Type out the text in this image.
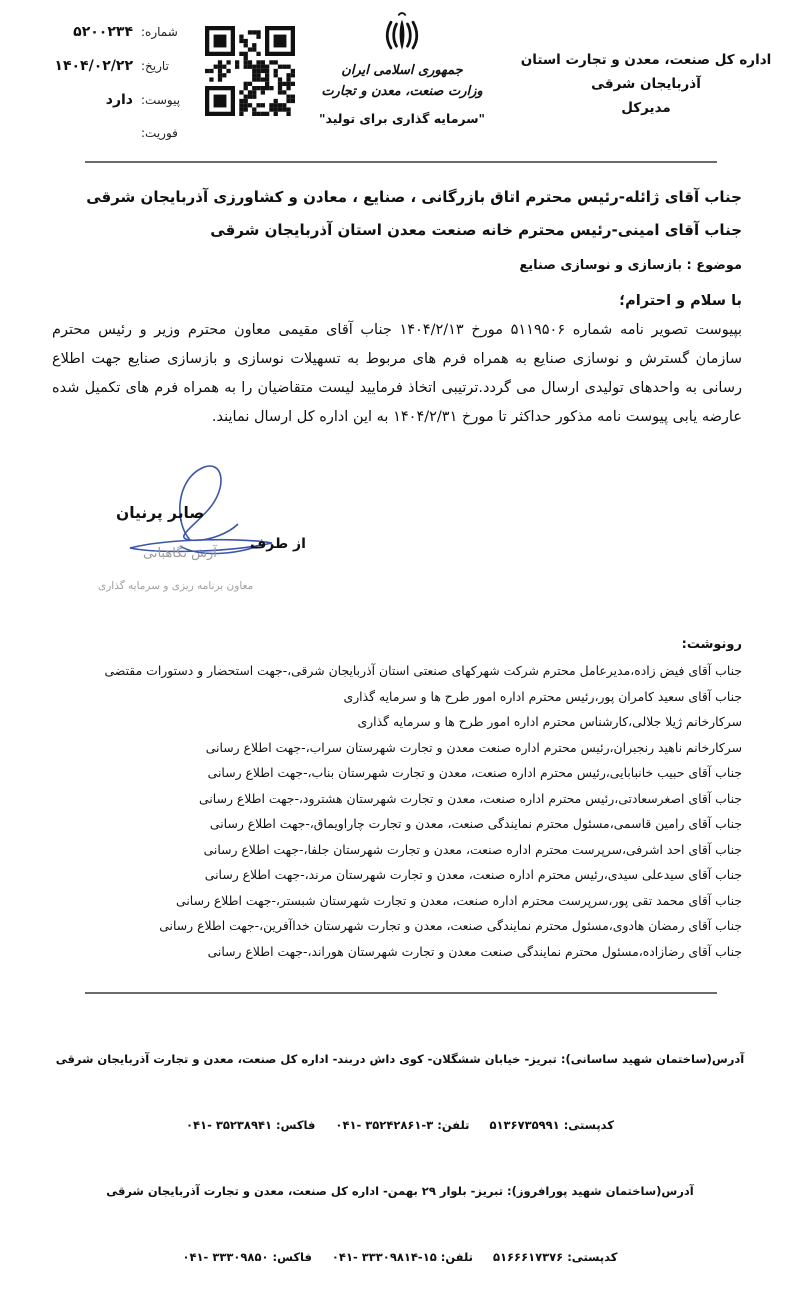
اداره کل صنعت، معدن و تجارت استان آذربایجان شرقی
مدیرکل
جمهوری اسلامی ایران
وزارت صنعت، معدن و تجارت
"سرمایه گذاری برای تولید"
شماره:
۵۲۰۰۲۳۴
تاریخ:
۱۴۰۴/۰۲/۲۲
پیوست:
دارد
فوریت:
جناب آقای ژائله-رئیس محترم اتاق بازرگانی ، صنایع ، معادن و کشاورزی آذربایجان شرقی
جناب آقای امینی-رئیس محترم خانه صنعت معدن استان آذربایجان شرقی
موضوع : بازسازی و نوسازی صنایع
با سلام و احترام؛
بپیوست تصویر نامه شماره ۵۱۱۹۵۰۶ مورخ ۱۴۰۴/۲/۱۳ جناب آقای مقیمی معاون محترم وزیر و رئیس محترم سازمان گسترش و نوسازی صنایع به همراه فرم های مربوط به تسهیلات نوسازی و بازسازی صنایع جهت اطلاع رسانی به واحدهای تولیدی ارسال می گردد.ترتیبی اتخاذ فرمایید لیست متقاضیان را به همراه فرم های تکمیل شده عارضه یابی پیوست نامه مذکور حداکثر تا مورخ ۱۴۰۴/۲/۳۱ به این اداره کل ارسال نمایند.
صابر پرنیان
از طرف
آرش نگاهبانی
معاون برنامه ریزی و سرمایه گذاری
رونوشت:
جناب آقای فیض زاده،مدیرعامل محترم شرکت شهرکهای صنعتی استان آذربایجان شرقی،-جهت استحضار و دستورات مقتضی
جناب آقای سعید کامران پور،رئیس محترم اداره امور طرح ها و سرمایه گذاری
سرکارخانم ژیلا جلالی،کارشناس محترم اداره امور طرح ها و سرمایه گذاری
سرکارخانم ناهید رنجبران،رئیس محترم اداره صنعت معدن و تجارت شهرستان سراب،-جهت اطلاع رسانی
جناب آقای حبیب خانبابایی،رئیس محترم اداره صنعت، معدن و تجارت شهرستان بناب،-جهت اطلاع رسانی
جناب آقای اصغرسعادتی،رئیس محترم اداره صنعت، معدن و تجارت شهرستان هشترود،-جهت اطلاع رسانی
جناب آقای رامین قاسمی،مسئول محترم نمایندگی صنعت، معدن و تجارت چاراویماق،-جهت اطلاع رسانی
جناب آقای احد اشرفی،سرپرست محترم اداره صنعت، معدن و تجارت شهرستان جلفا،-جهت اطلاع رسانی
جناب آقای سیدعلی سیدی،رئیس محترم اداره صنعت، معدن و تجارت شهرستان مرند،-جهت اطلاع رسانی
جناب آقای محمد تقی پور،سرپرست محترم اداره صنعت، معدن و تجارت شهرستان شبستر،-جهت اطلاع رسانی
جناب آقای رمضان هادوی،مسئول محترم نمایندگی صنعت، معدن و تجارت شهرستان خداآفرین،-جهت اطلاع رسانی
جناب آقای رضازاده،مسئول محترم نمایندگی صنعت معدن و تجارت شهرستان هوراند،-جهت اطلاع رسانی

آدرس(ساختمان شهید ساسانی): تبریز- خیابان ششگلان- کوی داش دربند- اداره کل صنعت، معدن و تجارت آذربایجان شرقی

کدپستی: ۵۱۳۶۷۳۵۹۹۱     تلفن: ۳-۳۵۲۴۲۸۶۱ -۰۴۱     فاکس: ۳۵۲۳۸۹۴۱ -۰۴۱

آدرس(ساختمان شهید پورافروز): تبریز- بلوار ۲۹ بهمن- اداره کل صنعت، معدن و تجارت آذربایجان شرقی

کدپستی: ۵۱۶۶۶۱۷۳۷۶     تلفن: ۱۵-۳۳۳۰۹۸۱۴ -۰۴۱     فاکس: ۳۳۳۰۹۸۵۰ -۰۴۱
